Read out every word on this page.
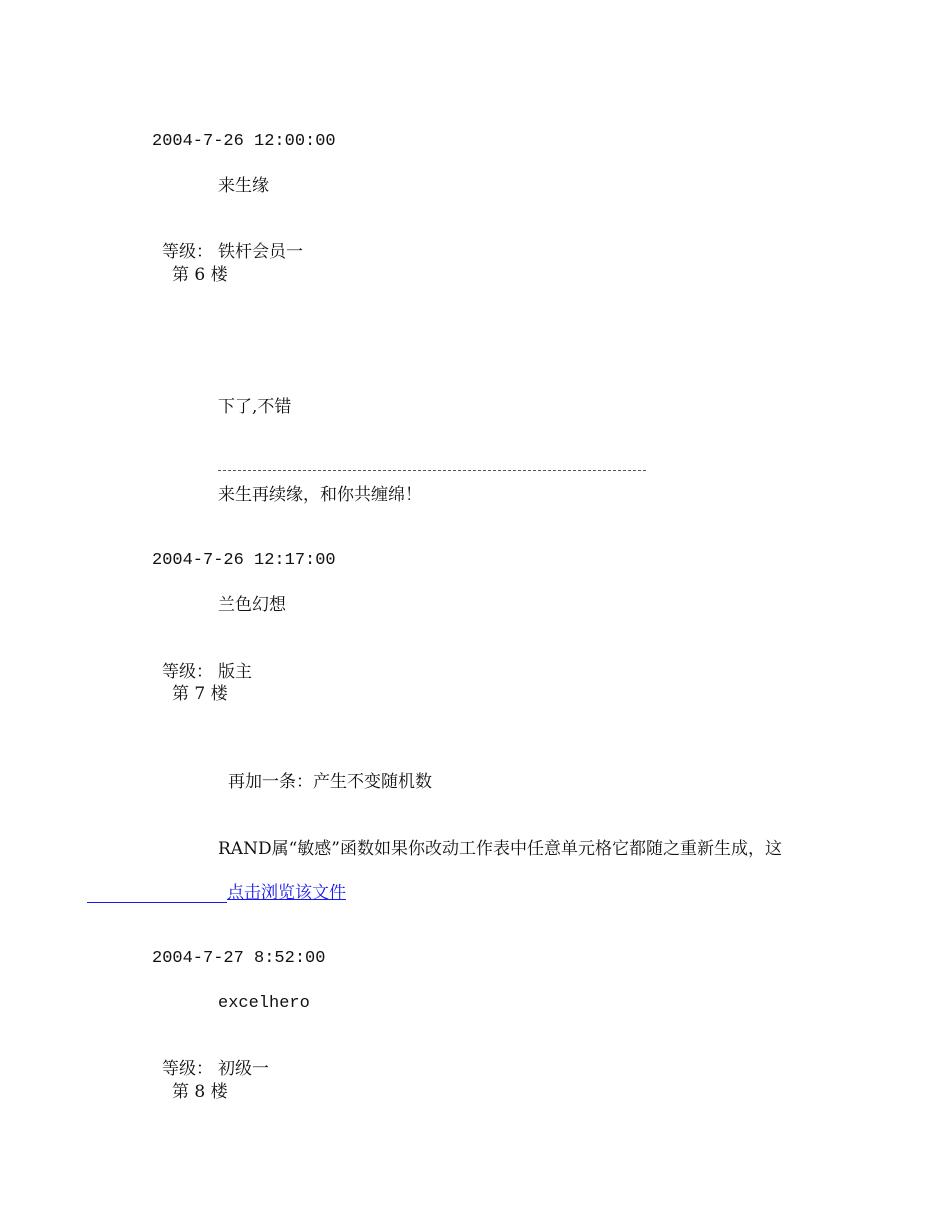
2004-7-26 12:00:00
来生缘
等级： 铁杆会员一
第 6 楼
下了,不错
来生再续缘，和你共缠绵！
2004-7-26 12:17:00
兰色幻想
等级： 版主
第 7 楼
再加一条：产生不变随机数
RAND属“敏感”函数如果你改动工作表中任意单元格它都随之重新生成，这
点击浏览该文件
2004-7-27 8:52:00
excelhero
等级： 初级一
第 8 楼
